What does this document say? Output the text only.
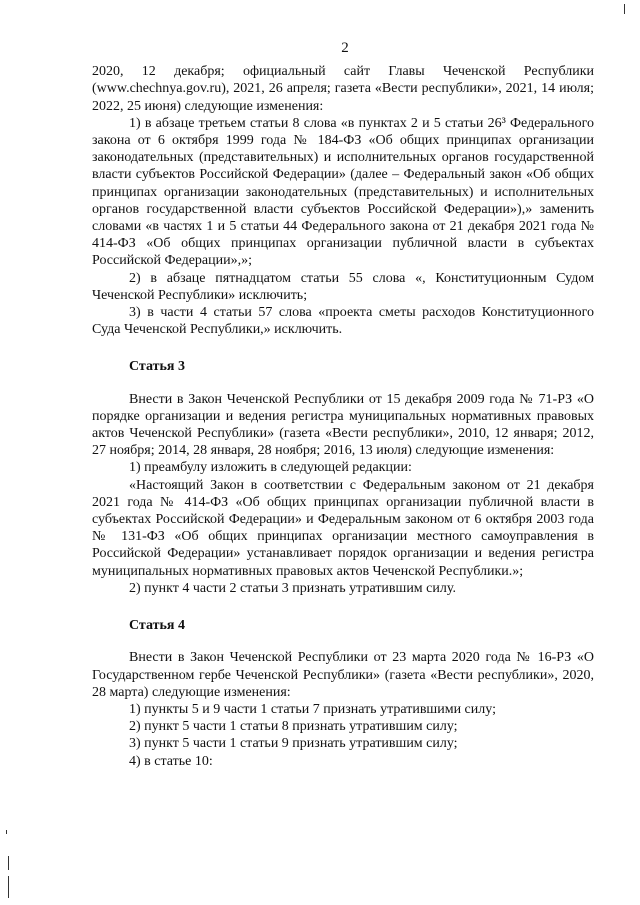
2

2020, 12 декабря; официальный сайт Главы Чеченской Республики (www.chechnya.gov.ru), 2021, 26 апреля; газета «Вести республики», 2021, 14 июля; 2022, 25 июня) следующие изменения:

1) в абзаце третьем статьи 8 слова «в пунктах 2 и 5 статьи 26³ Федерального закона от 6 октября 1999 года № 184-ФЗ «Об общих принципах организации законодательных (представительных) и исполнительных органов государственной власти субъектов Российской Федерации» (далее – Федеральный закон «Об общих принципах организации законодательных (представительных) и исполнительных органов государственной власти субъектов Российской Федерации»),» заменить словами «в частях 1 и 5 статьи 44 Федерального закона от 21 декабря 2021 года № 414-ФЗ «Об общих принципах организации публичной власти в субъектах Российской Федерации»,»;

2) в абзаце пятнадцатом статьи 55 слова «, Конституционным Судом Чеченской Республики» исключить;

3) в части 4 статьи 57 слова «проекта сметы расходов Конституционного Суда Чеченской Республики,» исключить.

Статья 3

Внести в Закон Чеченской Республики от 15 декабря 2009 года № 71-РЗ «О порядке организации и ведения регистра муниципальных нормативных правовых актов Чеченской Республики» (газета «Вести республики», 2010, 12 января; 2012, 27 ноября; 2014, 28 января, 28 ноября; 2016, 13 июля) следующие изменения:

1) преамбулу изложить в следующей редакции:

«Настоящий Закон в соответствии с Федеральным законом от 21 декабря 2021 года № 414-ФЗ «Об общих принципах организации публичной власти в субъектах Российской Федерации» и Федеральным законом от 6 октября 2003 года № 131-ФЗ «Об общих принципах организации местного самоуправления в Российской Федерации» устанавливает порядок организации и ведения регистра муниципальных нормативных правовых актов Чеченской Республики.»;

2) пункт 4 части 2 статьи 3 признать утратившим силу.

Статья 4

Внести в Закон Чеченской Республики от 23 марта 2020 года № 16-РЗ «О Государственном гербе Чеченской Республики» (газета «Вести республики», 2020, 28 марта) следующие изменения:

1) пункты 5 и 9 части 1 статьи 7 признать утратившими силу;

2) пункт 5 части 1 статьи 8 признать утратившим силу;

3) пункт 5 части 1 статьи 9 признать утратившим силу;

4) в статье 10:
